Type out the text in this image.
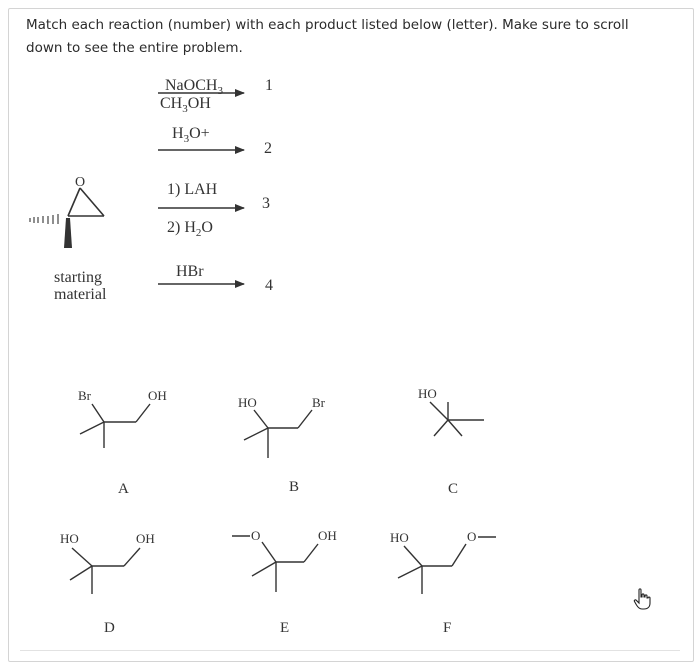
Match each reaction (number) with each product listed below (letter). Make sure to scroll down to see the entire problem.
O
starting
material
NaOCH$_3$
$CH_3OH$
1
$H_3O+$
2
1) LAH
2) $H_2O$
3
HBr
4
Br	OH	HO	Br
HO
HO	OH	O	OH	HO	O
A	B	C
D	E	F
